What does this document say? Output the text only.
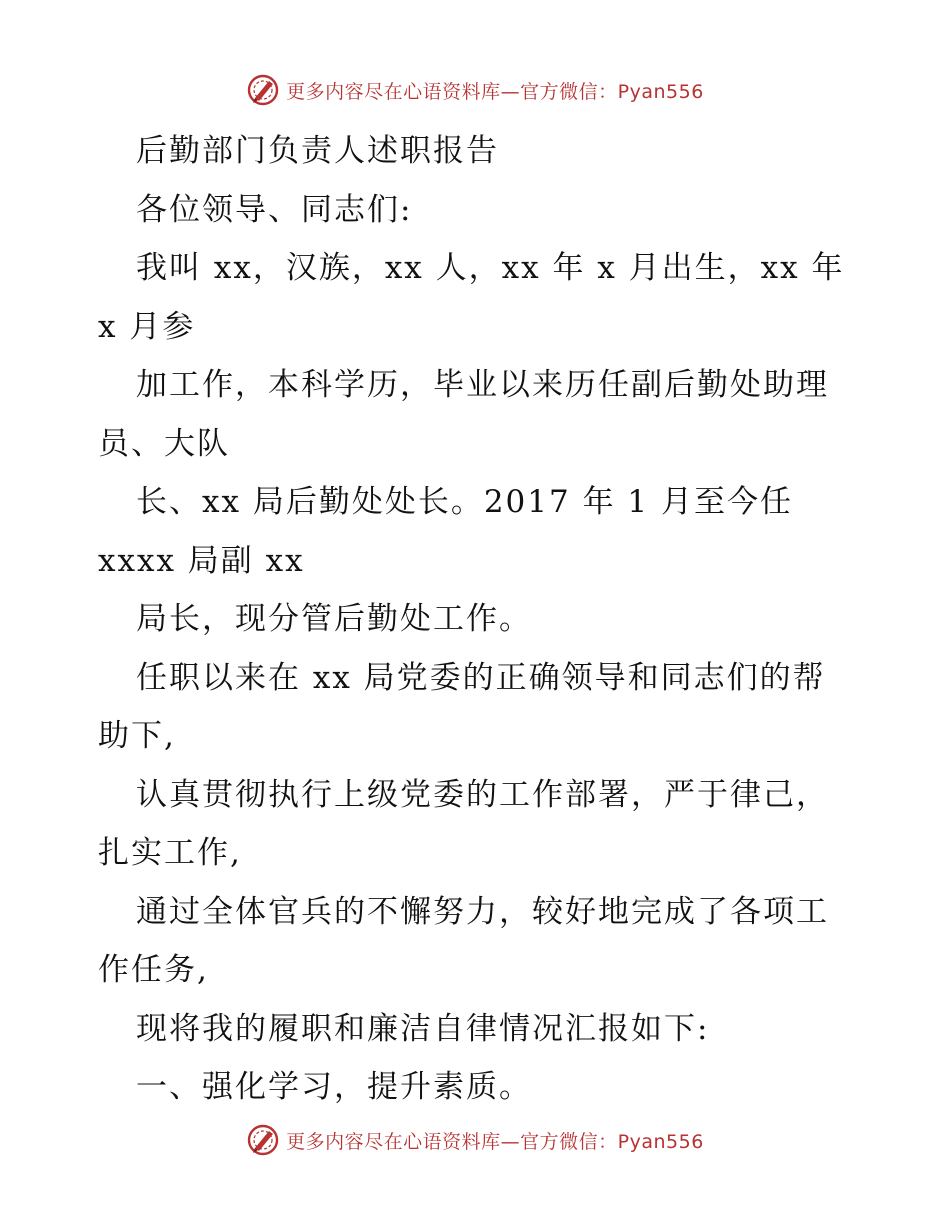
更多内容尽在心语资料库—官方微信：Pyan556
后勤部门负责人述职报告
各位领导、同志们:
我叫 xx，汉族，xx 人，xx 年 x 月出生，xx 年
x 月参
加工作，本科学历，毕业以来历任副后勤处助理
员、大队
长、xx 局后勤处处长。2017 年 1 月至今任
xxxx 局副 xx
局长，现分管后勤处工作。
任职以来在 xx 局党委的正确领导和同志们的帮
助下,
认真贯彻执行上级党委的工作部署，严于律己，
扎实工作,
通过全体官兵的不懈努力，较好地完成了各项工
作任务,
现将我的履职和廉洁自律情况汇报如下:
一、强化学习，提升素质。
更多内容尽在心语资料库—官方微信：Pyan556
